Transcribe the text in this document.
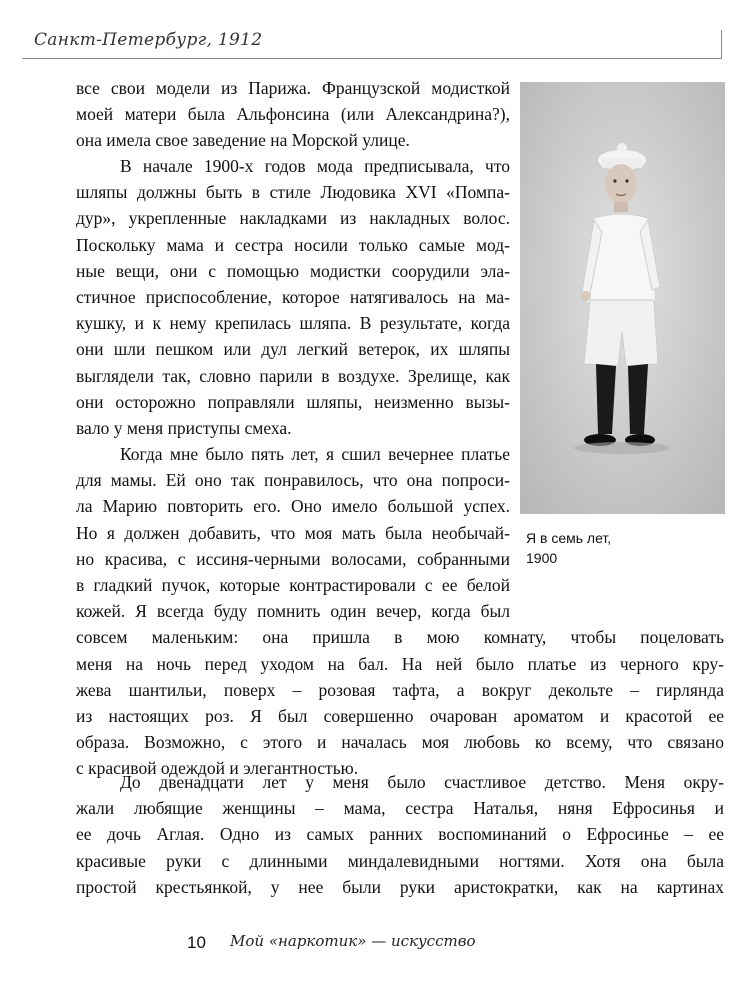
Санкт-Петербург, 1912
все свои модели из Парижа. Французской модисткой
моей матери была Альфонсина (или Александрина?),
она имела свое заведение на Морской улице.
В начале 1900-х годов мода предписывала, что
шляпы должны быть в стиле Людовика XVI «Помпа-
дур», укрепленные накладками из накладных волос.
Поскольку мама и сестра носили только самые мод-
ные вещи, они с помощью модистки соорудили эла-
стичное приспособление, которое натягивалось на ма-
кушку, и к нему крепилась шляпа. В результате, когда
они шли пешком или дул легкий ветерок, их шляпы
выглядели так, словно парили в воздухе. Зрелище, как
они осторожно поправляли шляпы, неизменно вызы-
вало у меня приступы смеха.
Когда мне было пять лет, я сшил вечернее платье
для мамы. Ей оно так понравилось, что она попроси-
ла Марию повторить его. Оно имело большой успех.
Но я должен добавить, что моя мать была необычай-
но красива, с иссиня-черными волосами, собранными
в гладкий пучок, которые контрастировали с ее белой
кожей. Я всегда буду помнить один вечер, когда был
совсем маленьким: она пришла в мою комнату, чтобы поцеловать
меня на ночь перед уходом на бал. На ней было платье из черного кру-
жева шантильи, поверх – розовая тафта, а вокруг декольте – гирлянда
из настоящих роз. Я был совершенно очарован ароматом и красотой ее
образа. Возможно, с этого и началась моя любовь ко всему, что связано
с красивой одеждой и элегантностью.
До двенадцати лет у меня было счастливое детство. Меня окру-
жали любящие женщины – мама, сестра Наталья, няня Ефросинья и
ее дочь Аглая. Одно из самых ранних воспоминаний о Ефросинье – ее
красивые руки с длинными миндалевидными ногтями. Хотя она была
простой крестьянкой, у нее были руки аристократки, как на картинах
Я в семь лет,
1900
10 Мой «наркотик» — искусство
